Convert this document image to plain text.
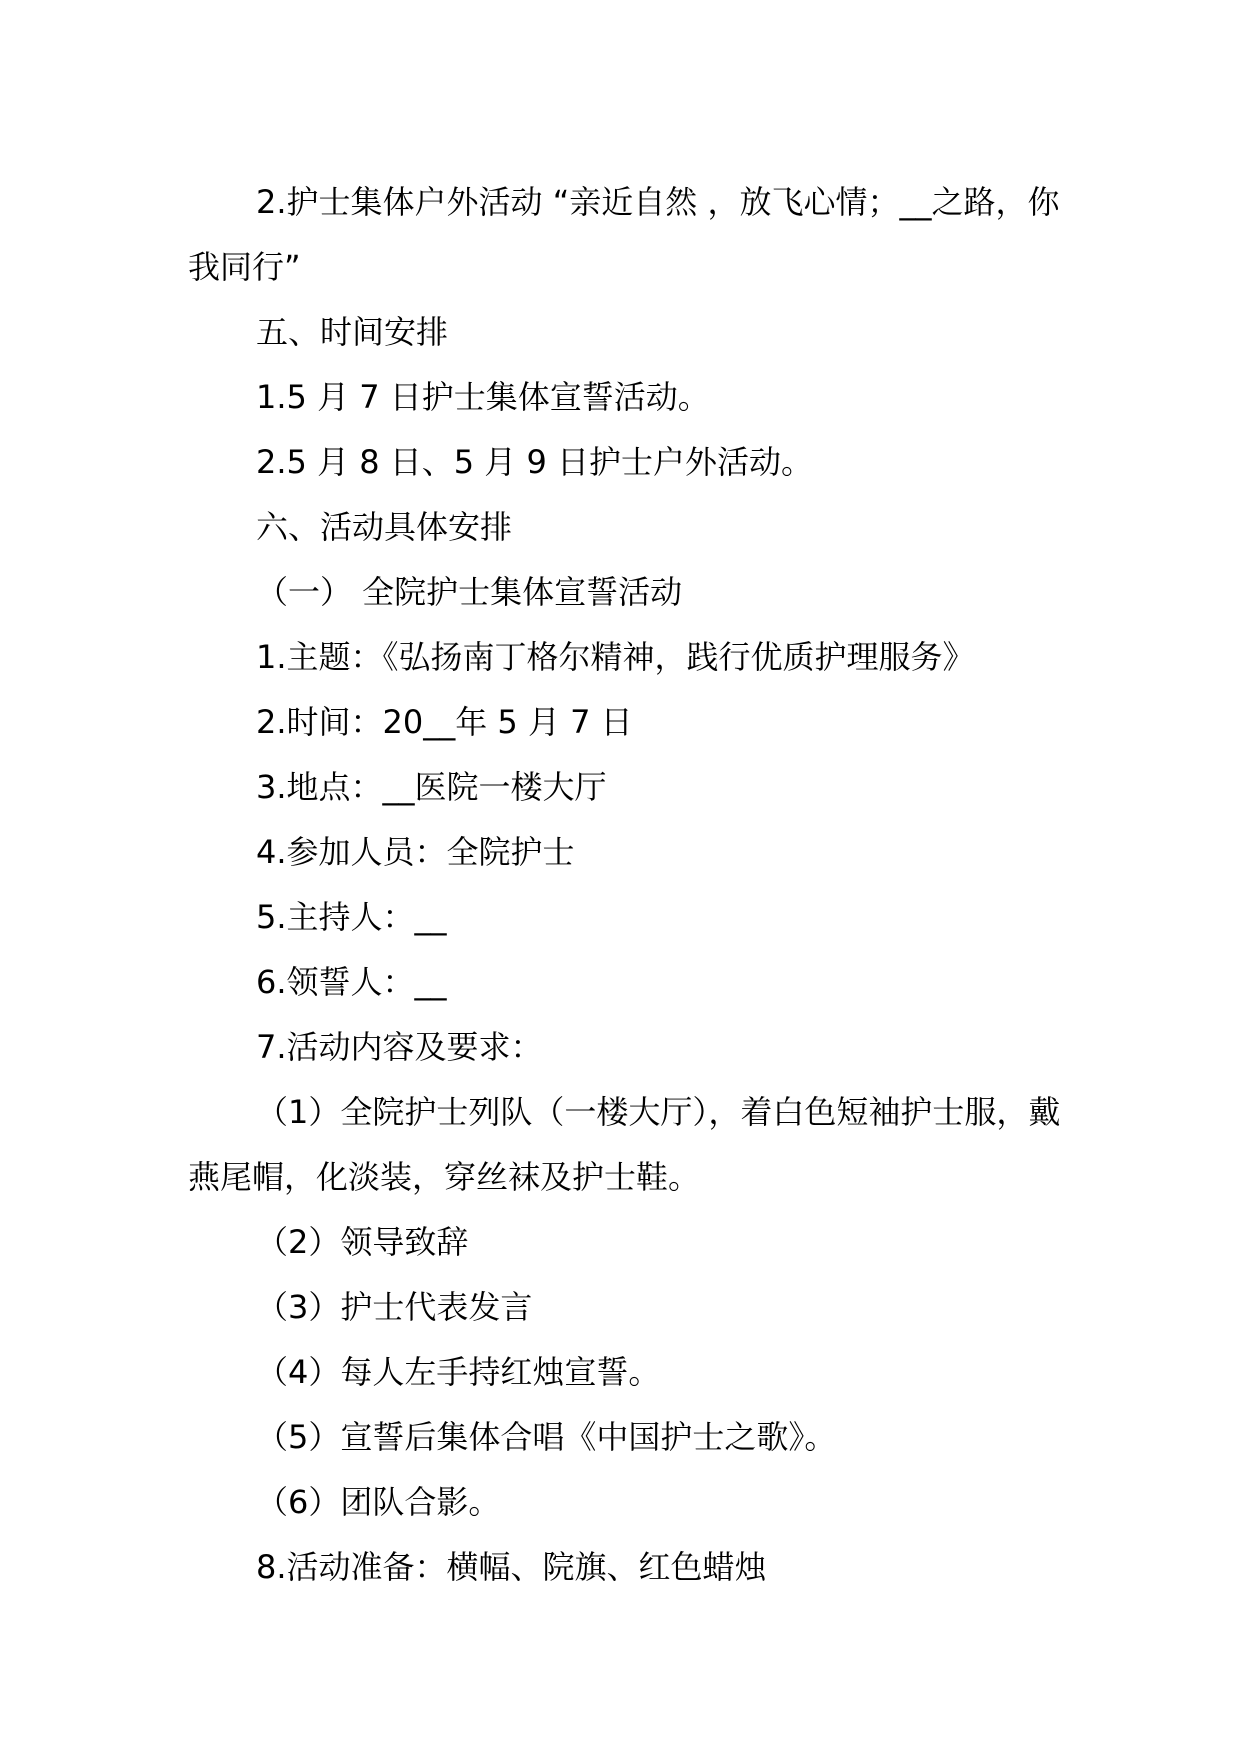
2.护士集体户外活动 “亲近自然 ，放飞心情；__之路，你我同行”

五、时间安排

1.5 月 7 日护士集体宣誓活动。

2.5 月 8 日、5 月 9 日护士户外活动。

六、活动具体安排

（一） 全院护士集体宣誓活动

1.主题：《弘扬南丁格尔精神，践行优质护理服务》

2.时间：20__年 5 月 7 日

3.地点：__医院一楼大厅

4.参加人员：全院护士

5.主持人：__

6.领誓人：__

7.活动内容及要求：

（1）全院护士列队（一楼大厅），着白色短袖护士服，戴燕尾帽，化淡装，穿丝袜及护士鞋。

（2）领导致辞

（3）护士代表发言

（4）每人左手持红烛宣誓。

（5）宣誓后集体合唱《中国护士之歌》。

（6）团队合影。

8.活动准备：横幅、院旗、红色蜡烛
